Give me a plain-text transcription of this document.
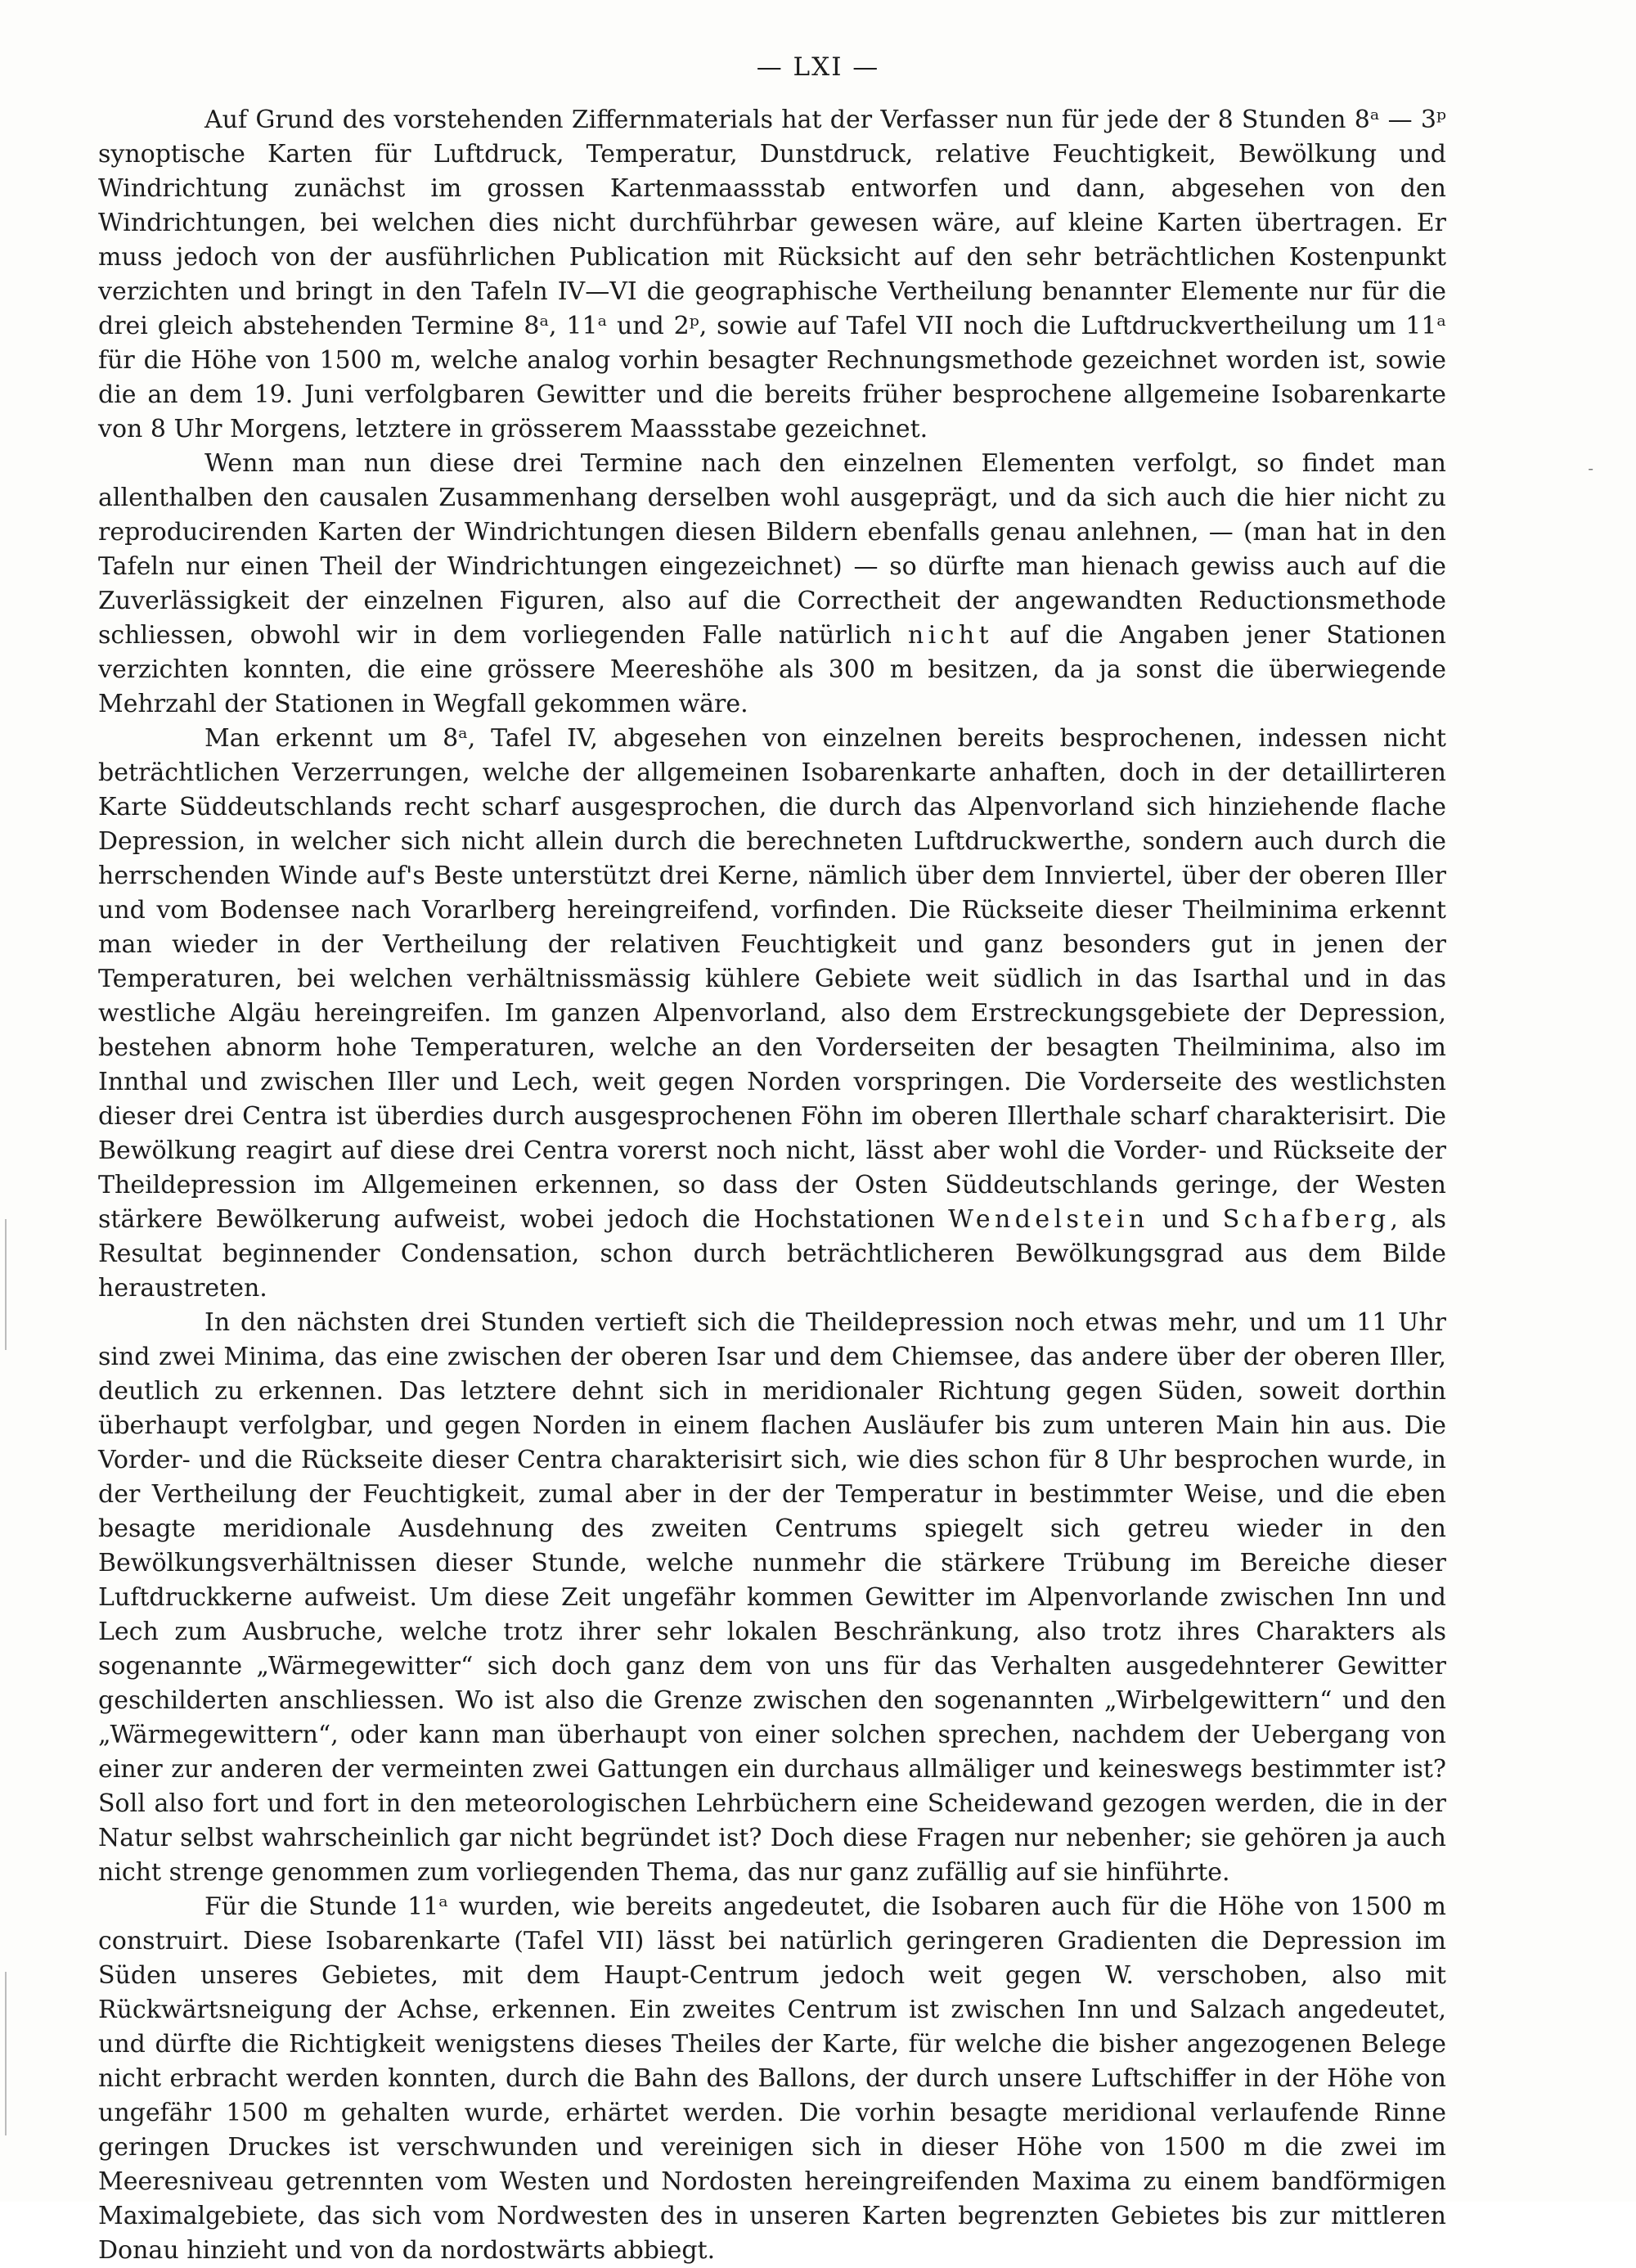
— LXI —

Auf Grund des vorstehenden Ziffernmaterials hat der Verfasser nun für jede der 8 Stunden 8ᵃ — 3ᵖ synoptische Karten für Luftdruck, Temperatur, Dunstdruck, relative Feuchtigkeit, Bewölkung und Windrichtung zunächst im grossen Kartenmaassstab entworfen und dann, abgesehen von den Windrichtungen, bei welchen dies nicht durchführbar gewesen wäre, auf kleine Karten übertragen. Er muss jedoch von der ausführlichen Publication mit Rücksicht auf den sehr beträchtlichen Kostenpunkt verzichten und bringt in den Tafeln IV—VI die geographische Vertheilung benannter Elemente nur für die drei gleich abstehenden Termine 8ᵃ, 11ᵃ und 2ᵖ, sowie auf Tafel VII noch die Luftdruckvertheilung um 11ᵃ für die Höhe von 1500 m, welche analog vorhin besagter Rechnungsmethode gezeichnet worden ist, sowie die an dem 19. Juni verfolgbaren Gewitter und die bereits früher besprochene allgemeine Isobarenkarte von 8 Uhr Morgens, letztere in grösserem Maassstabe gezeichnet.

Wenn man nun diese drei Termine nach den einzelnen Elementen verfolgt, so findet man allenthalben den causalen Zusammenhang derselben wohl ausgeprägt, und da sich auch die hier nicht zu reproducirenden Karten der Windrichtungen diesen Bildern ebenfalls genau anlehnen, — (man hat in den Tafeln nur einen Theil der Windrichtungen eingezeichnet) — so dürfte man hienach gewiss auch auf die Zuverlässigkeit der einzelnen Figuren, also auf die Correctheit der angewandten Reductionsmethode schliessen, obwohl wir in dem vorliegenden Falle natürlich nicht auf die Angaben jener Stationen verzichten konnten, die eine grössere Meereshöhe als 300 m besitzen, da ja sonst die überwiegende Mehrzahl der Stationen in Wegfall gekommen wäre.

Man erkennt um 8ᵃ, Tafel IV, abgesehen von einzelnen bereits besprochenen, indessen nicht beträchtlichen Verzerrungen, welche der allgemeinen Isobarenkarte anhaften, doch in der detaillirteren Karte Süddeutschlands recht scharf ausgesprochen, die durch das Alpenvorland sich hinziehende flache Depression, in welcher sich nicht allein durch die berechneten Luftdruckwerthe, sondern auch durch die herrschenden Winde auf's Beste unterstützt drei Kerne, nämlich über dem Innviertel, über der oberen Iller und vom Bodensee nach Vorarlberg hereingreifend, vorfinden. Die Rückseite dieser Theilminima erkennt man wieder in der Vertheilung der relativen Feuchtigkeit und ganz besonders gut in jenen der Temperaturen, bei welchen verhältnissmässig kühlere Gebiete weit südlich in das Isarthal und in das westliche Algäu hereingreifen. Im ganzen Alpenvorland, also dem Erstreckungsgebiete der Depression, bestehen abnorm hohe Temperaturen, welche an den Vorderseiten der besagten Theilminima, also im Innthal und zwischen Iller und Lech, weit gegen Norden vorspringen. Die Vorderseite des westlichsten dieser drei Centra ist überdies durch ausgesprochenen Föhn im oberen Illerthale scharf charakterisirt. Die Bewölkung reagirt auf diese drei Centra vorerst noch nicht, lässt aber wohl die Vorder- und Rückseite der Theildepression im Allgemeinen erkennen, so dass der Osten Süddeutschlands geringe, der Westen stärkere Bewölkerung aufweist, wobei jedoch die Hochstationen Wendelstein und Schafberg, als Resultat beginnender Condensation, schon durch beträchtlicheren Bewölkungsgrad aus dem Bilde heraustreten.

In den nächsten drei Stunden vertieft sich die Theildepression noch etwas mehr, und um 11 Uhr sind zwei Minima, das eine zwischen der oberen Isar und dem Chiemsee, das andere über der oberen Iller, deutlich zu erkennen. Das letztere dehnt sich in meridionaler Richtung gegen Süden, soweit dorthin überhaupt verfolgbar, und gegen Norden in einem flachen Ausläufer bis zum unteren Main hin aus. Die Vorder- und die Rückseite dieser Centra charakterisirt sich, wie dies schon für 8 Uhr besprochen wurde, in der Vertheilung der Feuchtigkeit, zumal aber in der der Temperatur in bestimmter Weise, und die eben besagte meridionale Ausdehnung des zweiten Centrums spiegelt sich getreu wieder in den Bewölkungsverhältnissen dieser Stunde, welche nunmehr die stärkere Trübung im Bereiche dieser Luftdruckkerne aufweist. Um diese Zeit ungefähr kommen Gewitter im Alpenvorlande zwischen Inn und Lech zum Ausbruche, welche trotz ihrer sehr lokalen Beschränkung, also trotz ihres Charakters als sogenannte „Wärmegewitter“ sich doch ganz dem von uns für das Verhalten ausgedehnterer Gewitter geschilderten anschliessen. Wo ist also die Grenze zwischen den sogenannten „Wirbelgewittern“ und den „Wärmegewittern“, oder kann man überhaupt von einer solchen sprechen, nachdem der Uebergang von einer zur anderen der vermeinten zwei Gattungen ein durchaus allmäliger und keineswegs bestimmter ist? Soll also fort und fort in den meteorologischen Lehrbüchern eine Scheidewand gezogen werden, die in der Natur selbst wahrscheinlich gar nicht begründet ist? Doch diese Fragen nur nebenher; sie gehören ja auch nicht strenge genommen zum vorliegenden Thema, das nur ganz zufällig auf sie hinführte.

Für die Stunde 11ᵃ wurden, wie bereits angedeutet, die Isobaren auch für die Höhe von 1500 m construirt. Diese Isobarenkarte (Tafel VII) lässt bei natürlich geringeren Gradienten die Depression im Süden unseres Gebietes, mit dem Haupt-Centrum jedoch weit gegen W. verschoben, also mit Rückwärtsneigung der Achse, erkennen. Ein zweites Centrum ist zwischen Inn und Salzach angedeutet, und dürfte die Richtigkeit wenigstens dieses Theiles der Karte, für welche die bisher angezogenen Belege nicht erbracht werden konnten, durch die Bahn des Ballons, der durch unsere Luftschiffer in der Höhe von ungefähr 1500 m gehalten wurde, erhärtet werden. Die vorhin besagte meridional verlaufende Rinne geringen Druckes ist verschwunden und vereinigen sich in dieser Höhe von 1500 m die zwei im Meeresniveau getrennten vom Westen und Nordosten hereingreifenden Maxima zu einem bandförmigen Maximalgebiete, das sich vom Nordwesten des in unseren Karten begrenzten Gebietes bis zur mittleren Donau hinzieht und von da nordostwärts abbiegt.

-
